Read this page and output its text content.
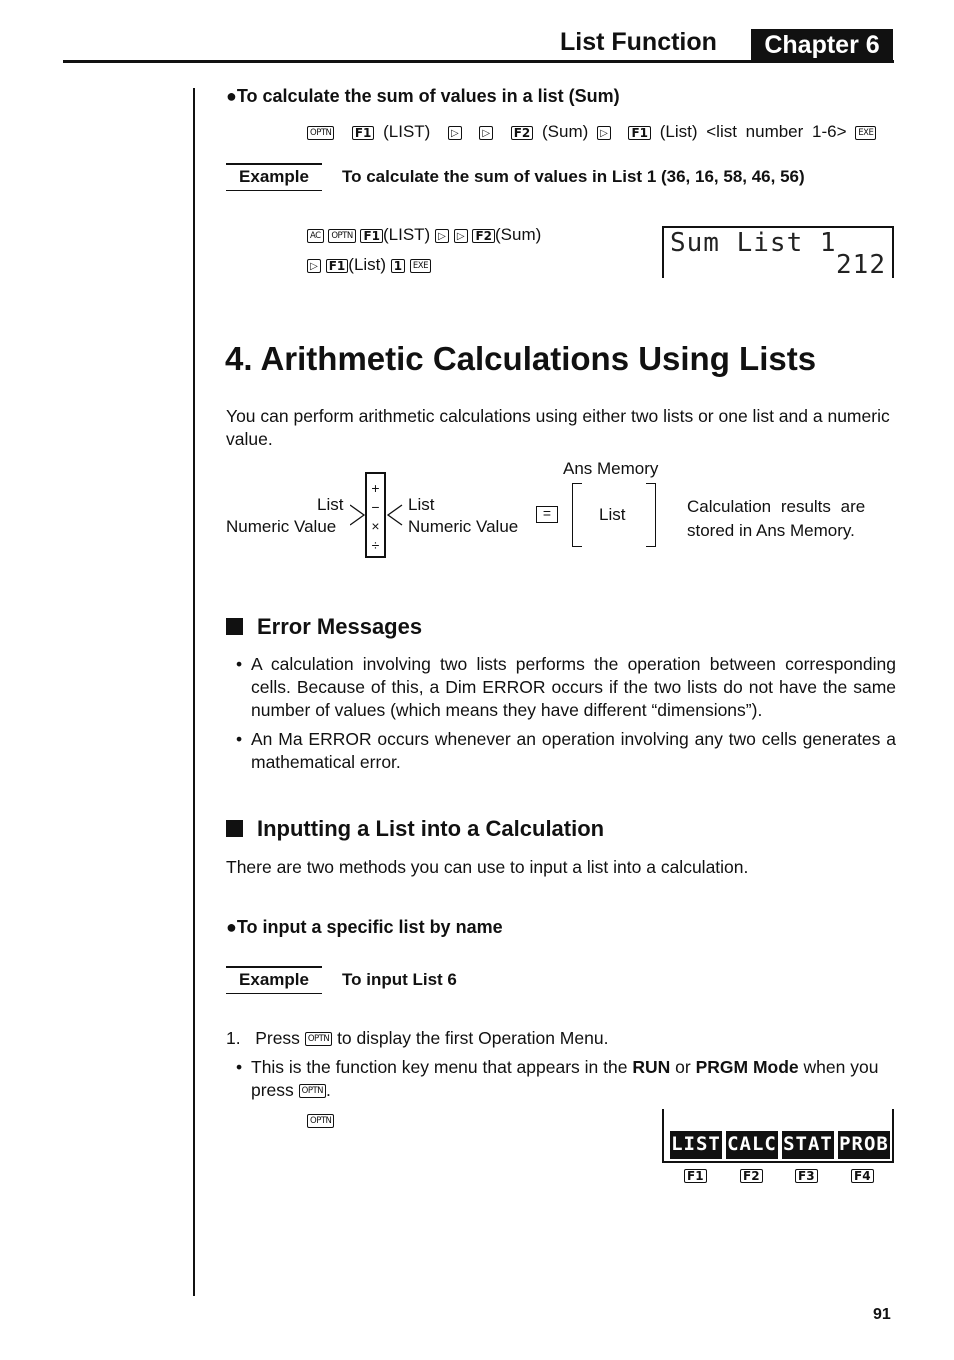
List Function	Chapter 6
●To calculate the sum of values in a list (Sum)
OPTN F1 (LIST) ▷ ▷ F2 (Sum) ▷ F1 (List) <list number 1-6> EXE
Example	To calculate the sum of values in List 1 (36, 16, 58, 46, 56)
AC OPTN F1 (LIST) ▷ ▷ F2 (Sum)
▷ F1 (List) 1 EXE
Sum List 1
212
4. Arithmetic Calculations Using Lists
You can perform arithmetic calculations using either two lists or one list and a numeric value.
List
Numeric Value
+
−
×
÷
List
Numeric Value
=
Ans Memory
List	Calculation results are
stored in Ans Memory.
Error Messages
• A calculation involving two lists performs the operation between corresponding cells. Because of this, a Dim ERROR occurs if the two lists do not have the same number of values (which means they have different “dimensions”).
• An Ma ERROR occurs whenever an operation involving any two cells generates a mathematical error.
Inputting a List into a Calculation
There are two methods you can use to input a list into a calculation.
●To input a specific list by name
Example	To input List 6
1. Press OPTN to display the first Operation Menu.
• This is the function key menu that appears in the RUN or PRGM Mode when you
press OPTN .
OPTN
LIST CALC STAT PROB
F1	F2	F3	F4
91
